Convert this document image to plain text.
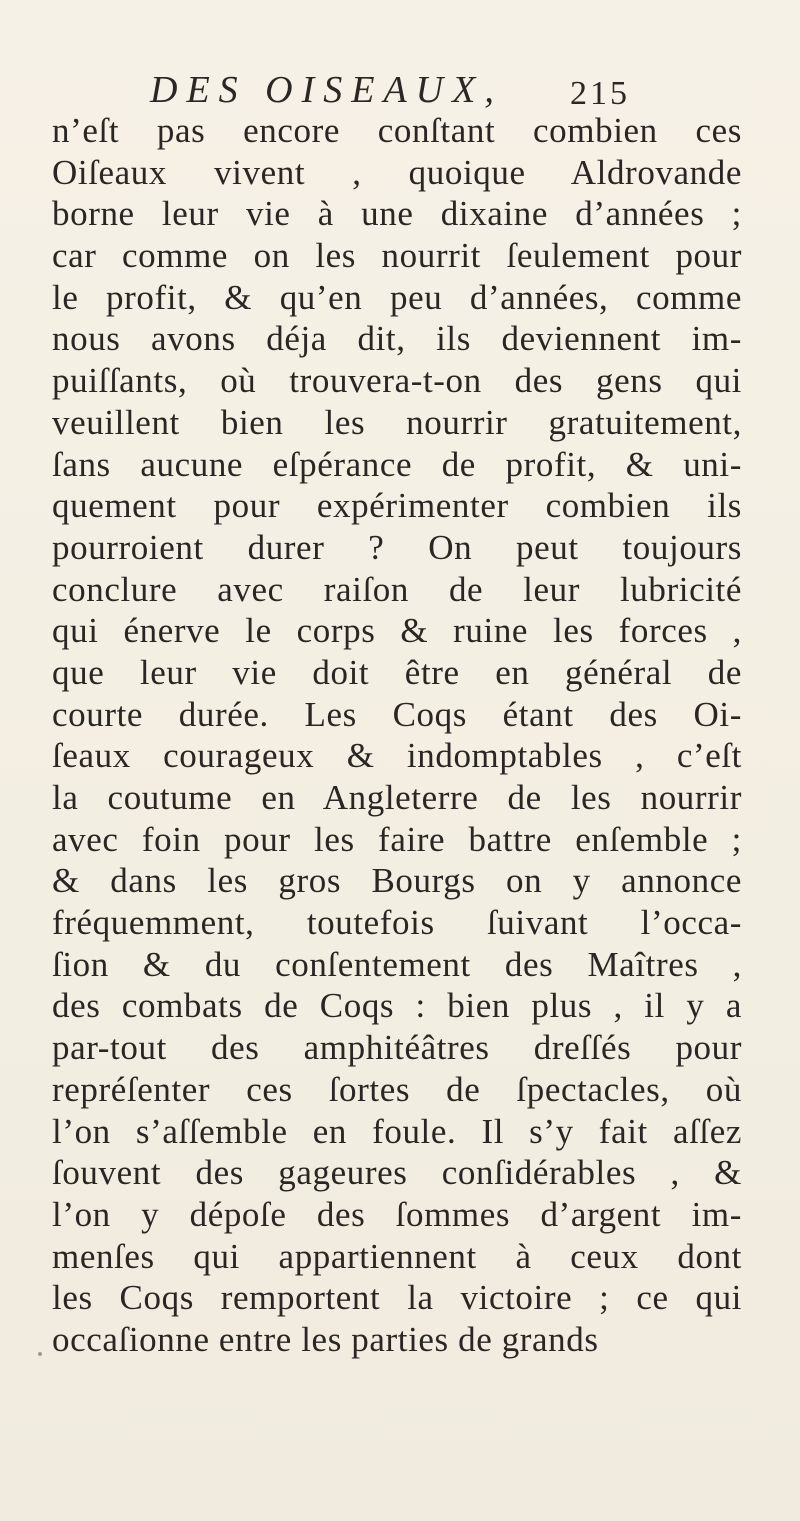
DES OISEAUX, 215
n’eſt pas encore conſtant combien ces
Oiſeaux vivent , quoique Aldrovande
borne leur vie à une dixaine d’années ;
car comme on les nourrit ſeulement pour
le profit, & qu’en peu d’années, comme
nous avons déja dit, ils deviennent im-
puiſſants, où trouvera-t-on des gens qui
veuillent bien les nourrir gratuitement,
ſans aucune eſpérance de profit, & uni-
quement pour expérimenter combien ils
pourroient durer ? On peut toujours
conclure avec raiſon de leur lubricité
qui énerve le corps & ruine les forces ,
que leur vie doit être en général de
courte durée. Les Coqs étant des Oi-
ſeaux courageux & indomptables , c’eſt
la coutume en Angleterre de les nourrir
avec foin pour les faire battre enſemble ;
& dans les gros Bourgs on y annonce
fréquemment, toutefois ſuivant l’occa-
ſion & du conſentement des Maîtres ,
des combats de Coqs : bien plus , il y a
par-tout des amphitéâtres dreſſés pour
repréſenter ces ſortes de ſpectacles, où
l’on s’aſſemble en foule. Il s’y fait aſſez
ſouvent des gageures conſidérables , &
l’on y dépoſe des ſommes d’argent im-
menſes qui appartiennent à ceux dont
les Coqs remportent la victoire ; ce qui
occaſionne entre les parties de grands
